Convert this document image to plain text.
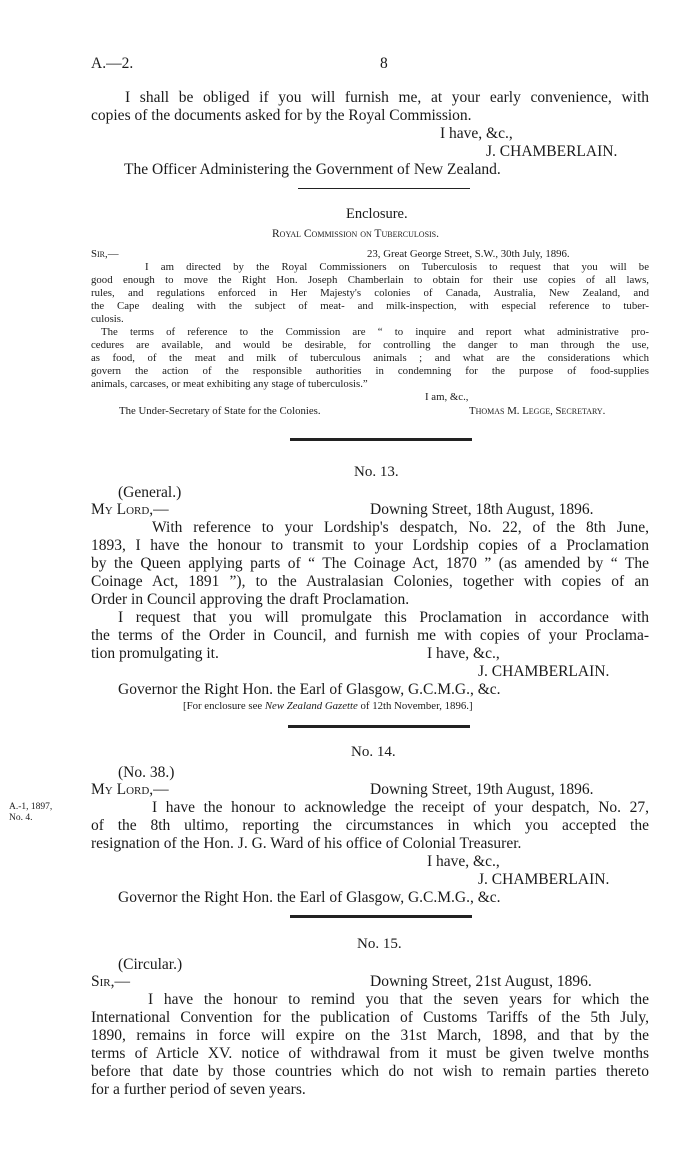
A.—2.	8
I shall be obliged if you will furnish me, at your early convenience, with
copies of the documents asked for by the Royal Commission.
I have, &c.,
J. CHAMBERLAIN.
The Officer Administering the Government of New Zealand.
Enclosure.
Royal Commission on Tuberculosis.
Sir,—	23, Great George Street, S.W., 30th July, 1896.
I am directed by the Royal Commissioners on Tuberculosis to request that you will be
good enough to move the Right Hon. Joseph Chamberlain to obtain for their use copies of all laws,
rules, and regulations enforced in Her Majesty's colonies of Canada, Australia, New Zealand, and
the Cape dealing with the subject of meat- and milk-inspection, with especial reference to tuber-
culosis.
The terms of reference to the Commission are “ to inquire and report what administrative pro-
cedures are available, and would be desirable, for controlling the danger to man through the use,
as food, of the meat and milk of tuberculous animals ; and what are the considerations which
govern the action of the responsible authorities in condemning for the purpose of food-supplies
animals, carcases, or meat exhibiting any stage of tuberculosis.”
I am, &c.,
The Under-Secretary of State for the Colonies.	Thomas M. Legge, Secretary.
No. 13.
(General.)
My Lord,—	Downing Street, 18th August, 1896.
With reference to your Lordship's despatch, No. 22, of the 8th June,
1893, I have the honour to transmit to your Lordship copies of a Proclamation
by the Queen applying parts of “ The Coinage Act, 1870 ” (as amended by “ The
Coinage Act, 1891 ”), to the Australasian Colonies, together with copies of an
Order in Council approving the draft Proclamation.
I request that you will promulgate this Proclamation in accordance with
the terms of the Order in Council, and furnish me with copies of your Proclama-
tion promulgating it.	I have, &c.,
J. CHAMBERLAIN.
Governor the Right Hon. the Earl of Glasgow, G.C.M.G., &c.
[For enclosure see New Zealand Gazette of 12th November, 1896.]
No. 14.
(No. 38.)
My Lord,—	Downing Street, 19th August, 1896.
A.-1, 1897,
No. 4.
I have the honour to acknowledge the receipt of your despatch, No. 27,
of the 8th ultimo, reporting the circumstances in which you accepted the
resignation of the Hon. J. G. Ward of his office of Colonial Treasurer.
I have, &c.,
J. CHAMBERLAIN.
Governor the Right Hon. the Earl of Glasgow, G.C.M.G., &c.
No. 15.
(Circular.)
Sir,—	Downing Street, 21st August, 1896.
I have the honour to remind you that the seven years for which the
International Convention for the publication of Customs Tariffs of the 5th July,
1890, remains in force will expire on the 31st March, 1898, and that by the
terms of Article XV. notice of withdrawal from it must be given twelve months
before that date by those countries which do not wish to remain parties thereto
for a further period of seven years.
